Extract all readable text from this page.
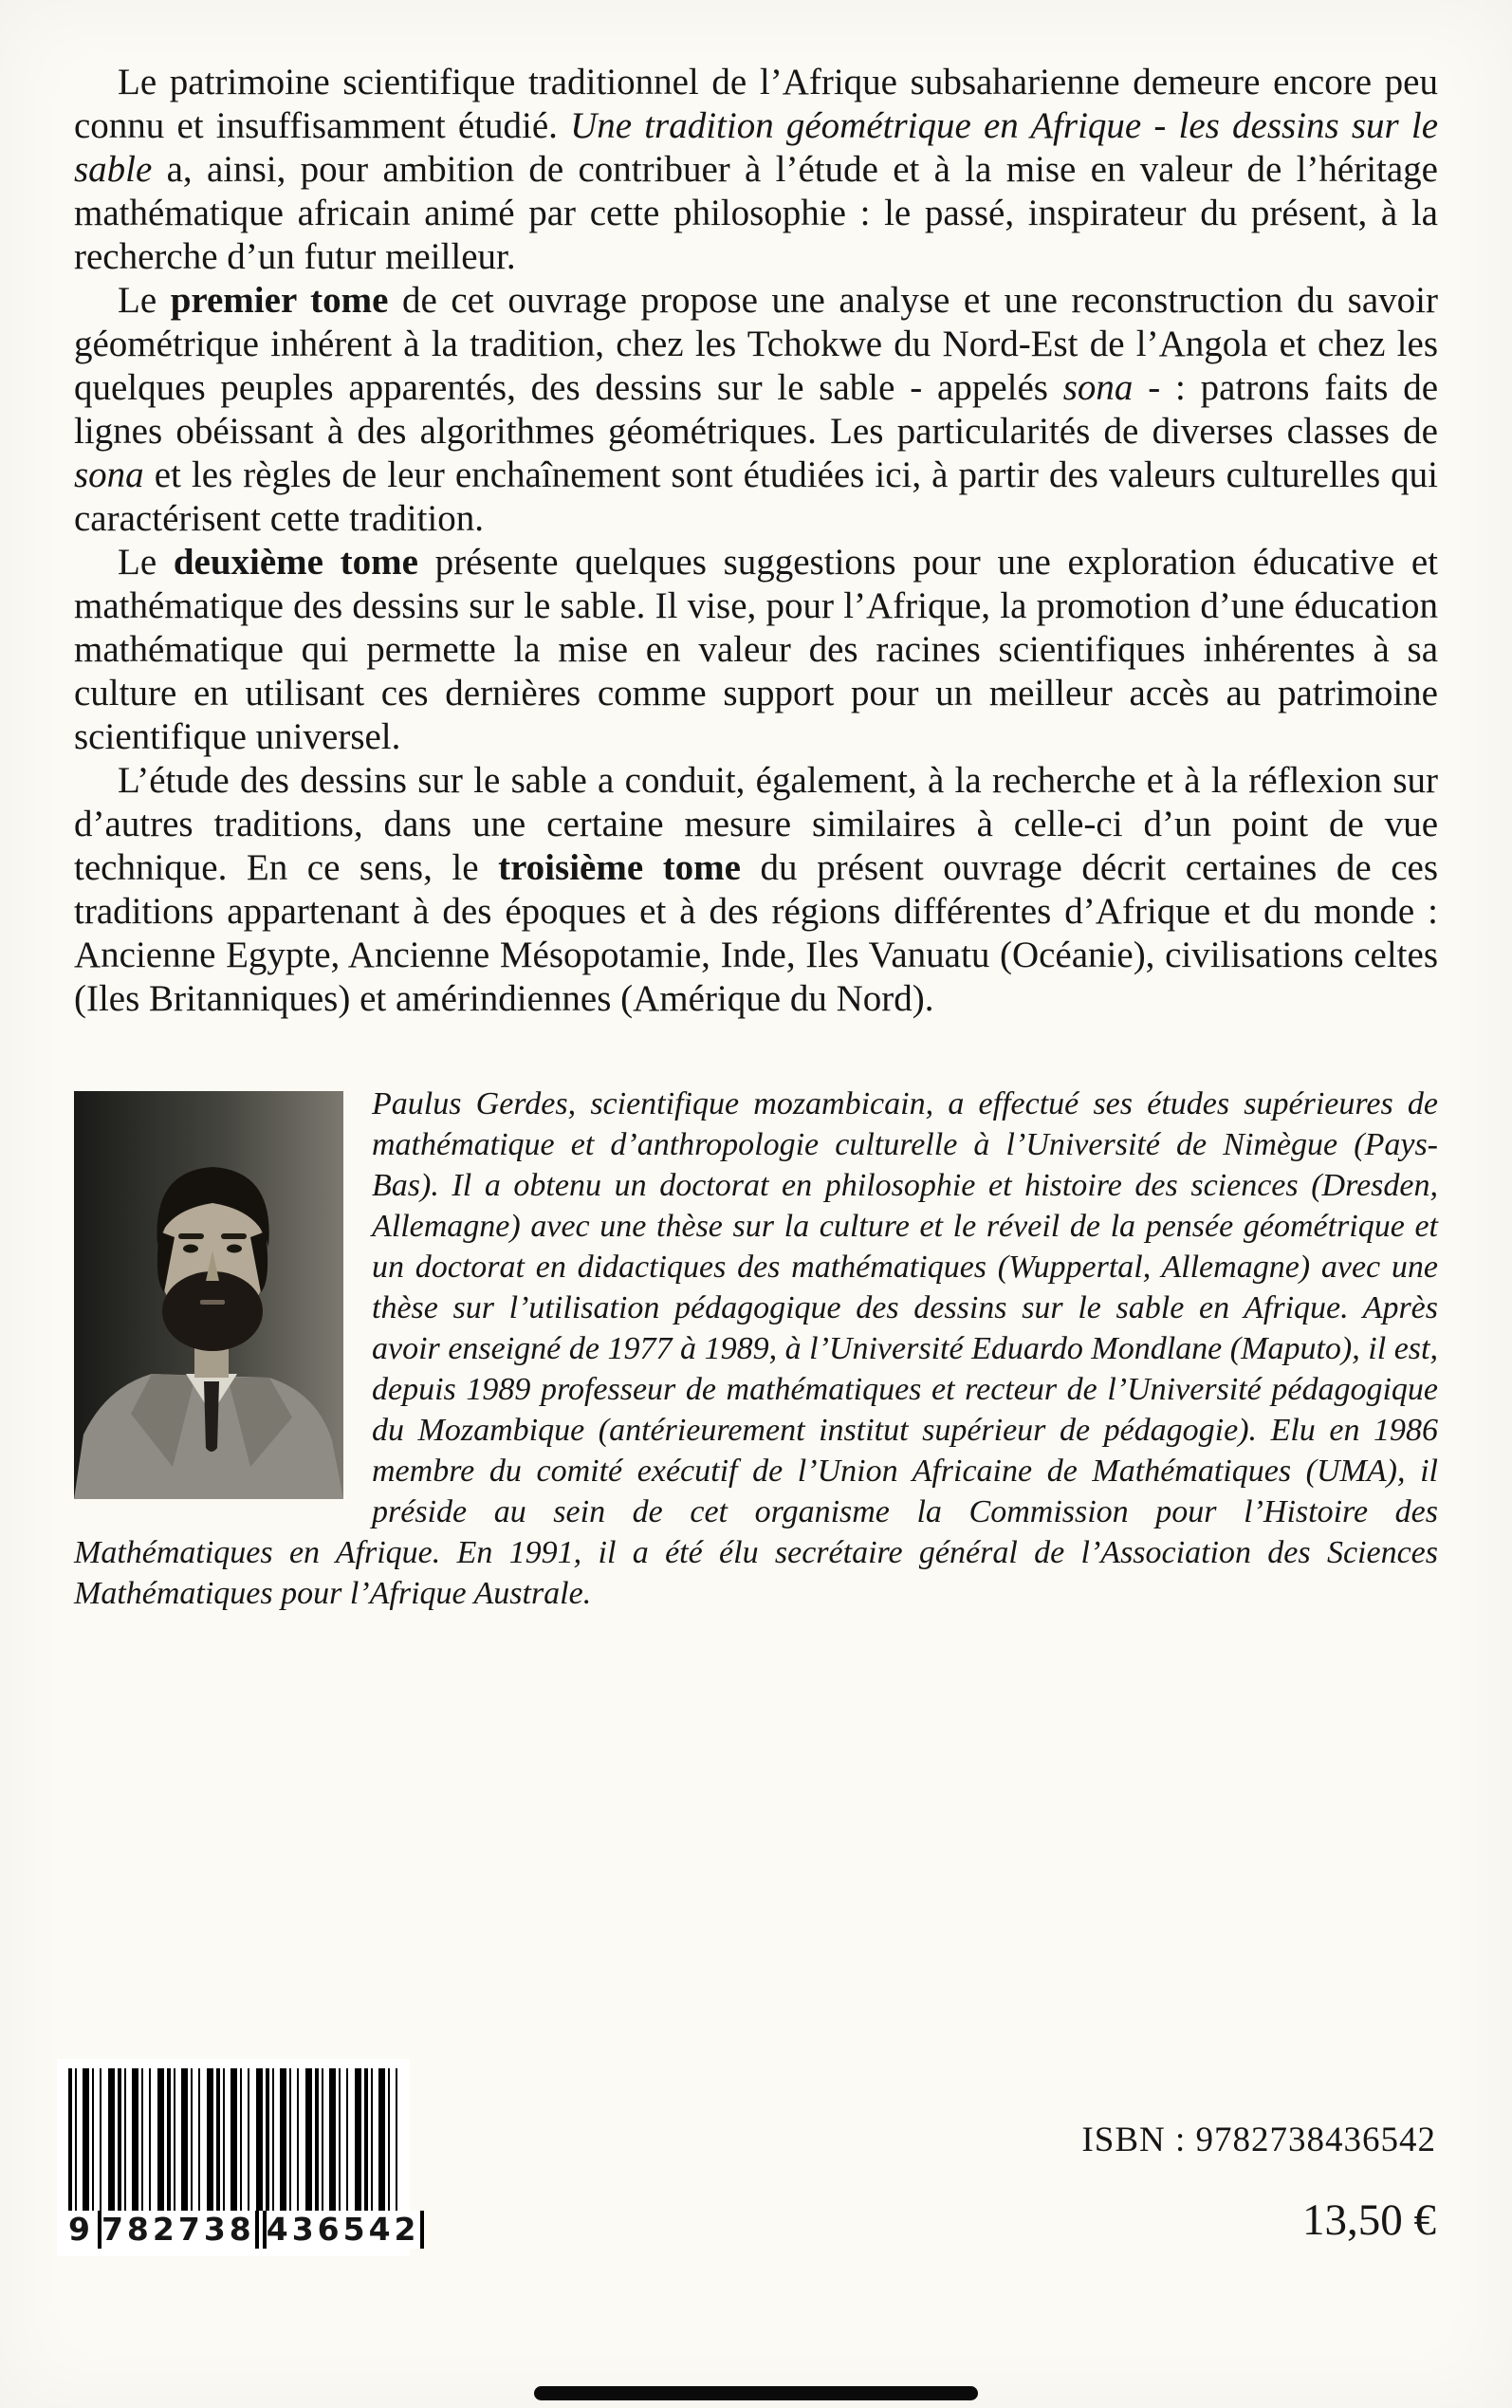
Le patrimoine scientifique traditionnel de l’Afrique subsaharienne demeure encore peu connu et insuffisamment étudié. Une tradition géométrique en Afrique - les dessins sur le sable a, ainsi, pour ambition de contribuer à l’étude et à la mise en valeur de l’héritage mathématique africain animé par cette philosophie : le passé, inspirateur du présent, à la recherche d’un futur meilleur.

Le premier tome de cet ouvrage propose une analyse et une reconstruction du savoir géométrique inhérent à la tradition, chez les Tchokwe du Nord-Est de l’Angola et chez les quelques peuples apparentés, des dessins sur le sable - appelés sona - : patrons faits de lignes obéissant à des algorithmes géométriques. Les particularités de diverses classes de sona et les règles de leur enchaînement sont étudiées ici, à partir des valeurs culturelles qui caractérisent cette tradition.

Le deuxième tome présente quelques suggestions pour une exploration éducative et mathématique des dessins sur le sable. Il vise, pour l’Afrique, la promotion d’une éducation mathématique qui permette la mise en valeur des racines scientifiques inhérentes à sa culture en utilisant ces dernières comme support pour un meilleur accès au patrimoine scientifique universel.

L’étude des dessins sur le sable a conduit, également, à la recherche et à la réflexion sur d’autres traditions, dans une certaine mesure similaires à celle-ci d’un point de vue technique. En ce sens, le troisième tome du présent ouvrage décrit certaines de ces traditions appartenant à des époques et à des régions différentes d’Afrique et du monde : Ancienne Egypte, Ancienne Mésopotamie, Inde, Iles Vanuatu (Océanie), civilisations celtes (Iles Britanniques) et amérindiennes (Amérique du Nord).

Paulus Gerdes, scientifique mozambicain, a effectué ses études supérieures de mathématique et d’anthropologie culturelle à l’Université de Nimègue (Pays-Bas). Il a obtenu un doctorat en philosophie et histoire des sciences (Dresden, Allemagne) avec une thèse sur la culture et le réveil de la pensée géométrique et un doctorat en didactiques des mathématiques (Wuppertal, Allemagne) avec une thèse sur l’utilisation pédagogique des dessins sur le sable en Afrique. Après avoir enseigné de 1977 à 1989, à l’Université Eduardo Mondlane (Maputo), il est, depuis 1989 professeur de mathématiques et recteur de l’Université pédagogique du Mozambique (antérieurement institut supérieur de pédagogie). Elu en 1986 membre du comité exécutif de l’Union Africaine de Mathématiques (UMA), il préside au sein de cet organisme la Commission pour l’Histoire des Mathématiques en Afrique. En 1991, il a été élu secrétaire général de l’Association des Sciences Mathématiques pour l’Afrique Australe.

9 782738 436542
ISBN : 9782738436542
13,50 €
